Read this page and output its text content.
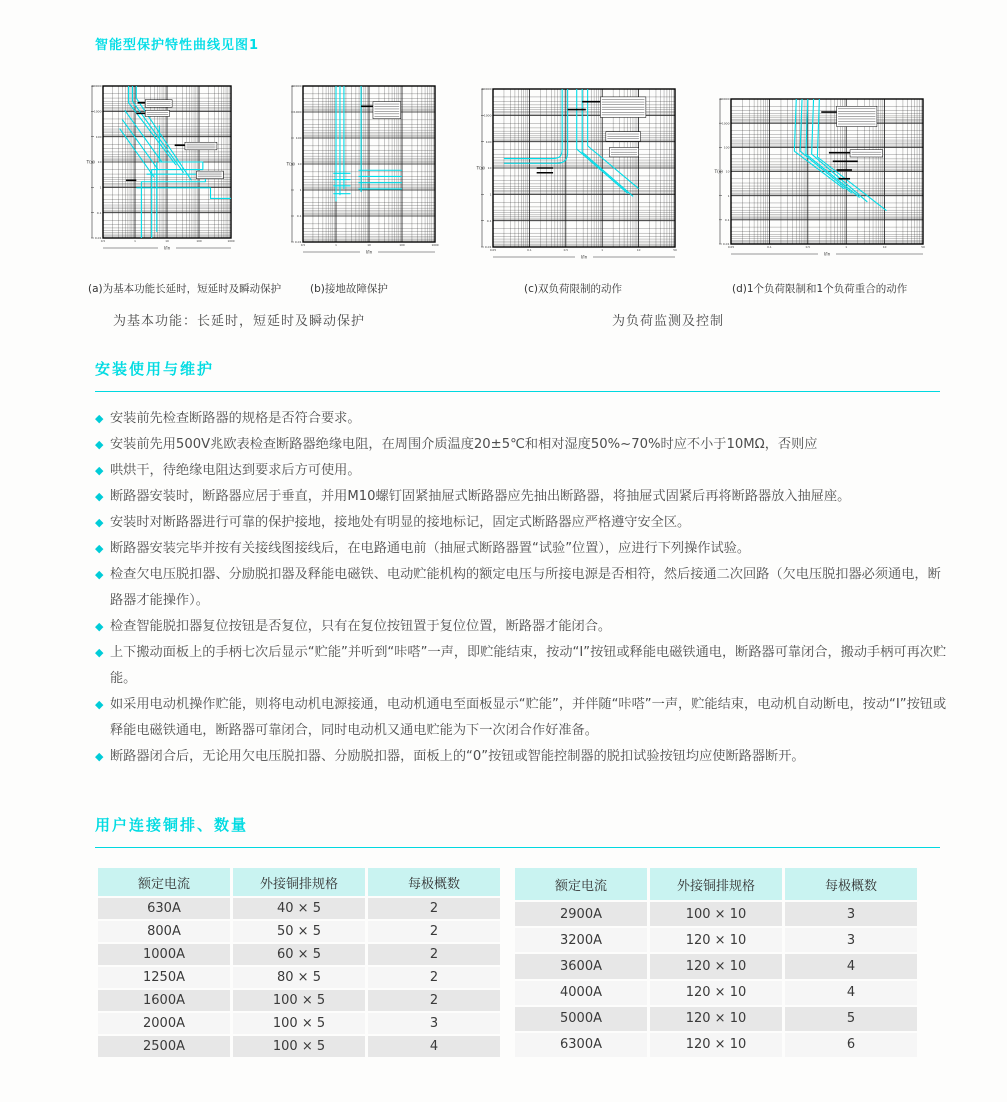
智能型保护特性曲线见图1
10000
1000
100
10
1
0.1
0.01
T(s)
0.5	1	10	100	1000
I/In
10000
1000
100
10
1
0.1
0.01
T(s)
0.5	1	10	100	1000
I/In
10000
1000
100
10
1
0.1
0.01
T(s)
0.05	0.1	0.5	1	10	50
I/In
10000
1000
100
10
1
0.1
0.01
T(s)
0.05	0.1	0.5	1	10	50
I/In
(a)为基本功能长延时，短延时及瞬动保护	(b)接地故障保护	(c)双负荷限制的动作	(d)1个负荷限制和1个负荷重合的动作
为基本功能：长延时，短延时及瞬动保护	为负荷监测及控制
安装使用与维护
◆ 安装前先检查断路器的规格是否符合要求。
◆ 安装前先用500V兆欧表检查断路器绝缘电阻，在周围介质温度20±5℃和相对湿度50%~70%时应不小于10MΩ，否则应
◆ 哄烘干，待绝缘电阻达到要求后方可使用。
◆ 断路器安装时，断路器应居于垂直，并用M10螺钉固紧抽屉式断路器应先抽出断路器，将抽屉式固紧后再将断路器放入抽屉座。
◆ 安装时对断路器进行可靠的保护接地，接地处有明显的接地标记，固定式断路器应严格遵守安全区。
◆ 断路器安装完毕并按有关接线图接线后，在电路通电前（抽屉式断路器置“试验”位置），应进行下列操作试验。
◆ 检查欠电压脱扣器、分励脱扣器及释能电磁铁、电动贮能机构的额定电压与所接电源是否相符，然后接通二次回路（欠电压脱扣器必须通电，断路器才能操作）。
◆ 检查智能脱扣器复位按钮是否复位，只有在复位按钮置于复位位置，断路器才能闭合。
◆ 上下搬动面板上的手柄七次后显示“贮能”并听到“咔嗒”一声，即贮能结束，按动“I”按钮或释能电磁铁通电，断路器可靠闭合，搬动手柄可再次贮能。
◆ 如采用电动机操作贮能，则将电动机电源接通，电动机通电至面板显示“贮能”，并伴随“咔嗒”一声，贮能结束，电动机自动断电，按动“I”按钮或释能电磁铁通电，断路器可靠闭合，同时电动机又通电贮能为下一次闭合作好准备。
◆ 断路器闭合后，无论用欠电压脱扣器、分励脱扣器，面板上的“0”按钮或智能控制器的脱扣试验按钮均应使断路器断开。
用户连接铜排、数量
额定电流	外接铜排规格	每极概数
630A	40 × 5	2
800A	50 × 5	2
1000A	60 × 5	2
1250A	80 × 5	2
1600A	100 × 5	2
2000A	100 × 5	3
2500A	100 × 5	4
额定电流	外接铜排规格	每极概数
2900A	100 × 10	3
3200A	120 × 10	3
3600A	120 × 10	4
4000A	120 × 10	4
5000A	120 × 10	5
6300A	120 × 10	6
